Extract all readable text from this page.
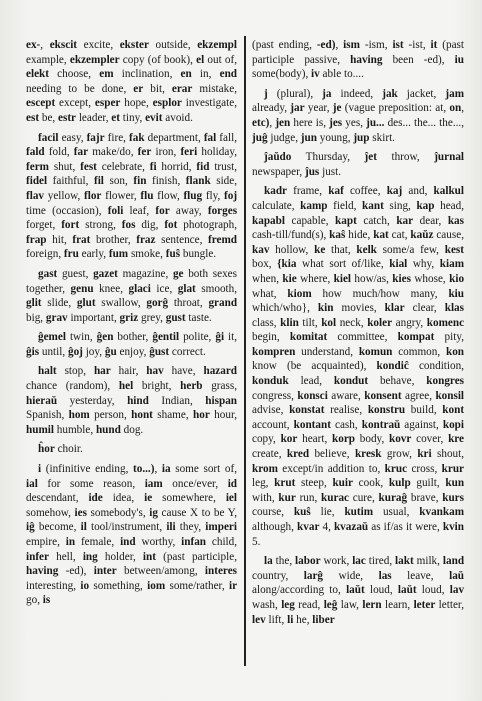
ex-, ekscit excite, ekster outside, ekzempl example, ekzempler copy (of book), el out of, elekt choose, em inclination, en in, end needing to be done, er bit, erar mistake, escept except, esper hope, esplor investigate, est be, estr leader, et tiny, evit avoid.

facil easy, fajr fire, fak department, fal fall, fald fold, far make/do, fer iron, feri holiday, ferm shut, fest celebrate, fi horrid, fid trust, fidel faithful, fil son, fin finish, flank side, flav yellow, flor flower, flu flow, flug fly, foj time (occasion), foli leaf, for away, forges forget, fort strong, fos dig, fot photograph, frap hit, frat brother, fraz sentence, fremd foreign, fru early, fum smoke, fuŝ bungle.

gast guest, gazet magazine, ge both sexes together, genu knee, glaci ice, glat smooth, glit slide, glut swallow, gorĝ throat, grand big, grav important, griz grey, gust taste.

ĝemel twin, ĝen bother, ĝentil polite, ĝi it, ĝis until, ĝoj joy, ĝu enjoy, ĝust correct.

halt stop, har hair, hav have, hazard chance (random), hel bright, herb grass, hieraŭ yesterday, hind Indian, hispan Spanish, hom person, hont shame, hor hour, humil humble, hund dog.

ĥor choir.

i (infinitive ending, to...), ia some sort of, ial for some reason, iam once/ever, id descendant, ide idea, ie somewhere, iel somehow, ies somebody's, ig cause X to be Y, iĝ become, il tool/instrument, ili they, imperi empire, in female, ind worthy, infan child, infer hell, ing holder, int (past participle, having -ed), inter between/among, interes interesting, io something, iom some/rather, ir go, is

(past ending, -ed), ism -ism, ist -ist, it (past participle passive, having been -ed), iu some(body), iv able to....

j (plural), ja indeed, jak jacket, jam already, jar year, je (vague preposition: at, on, etc), jen here is, jes yes, ju... des... the... the..., juĝ judge, jun young, jup skirt.

ĵaŭdo Thursday, ĵet throw, ĵurnal newspaper, ĵus just.

kadr frame, kaf coffee, kaj and, kalkul calculate, kamp field, kant sing, kap head, kapabl capable, kapt catch, kar dear, kas cash-till/fund(s), kaŝ hide, kat cat, kaŭz cause, kav hollow, ke that, kelk some/a few, kest box, {kia what sort of/like, kial why, kiam when, kie where, kiel how/as, kies whose, kio what, kiom how much/how many, kiu which/who}, kin movies, klar clear, klas class, klin tilt, kol neck, koler angry, komenc begin, komitat committee, kompat pity, kompren understand, komun common, kon know (be acquainted), kondiĉ condition, konduk lead, kondut behave, kongres congress, konsci aware, konsent agree, konsil advise, konstat realise, konstru build, kont account, kontant cash, kontraŭ against, kopi copy, kor heart, korp body, kovr cover, kre create, kred believe, kresk grow, kri shout, krom except/in addition to, kruc cross, krur leg, krut steep, kuir cook, kulp guilt, kun with, kur run, kurac cure, kuraĝ brave, kurs course, kuŝ lie, kutim usual, kvankam although, kvar 4, kvazaŭ as if/as it were, kvin 5.

la the, labor work, lac tired, lakt milk, land country, larĝ wide, las leave, laŭ along/according to, laŭt loud, laŭt loud, lav wash, leg read, leĝ law, lern learn, leter letter, lev lift, li he, liber
